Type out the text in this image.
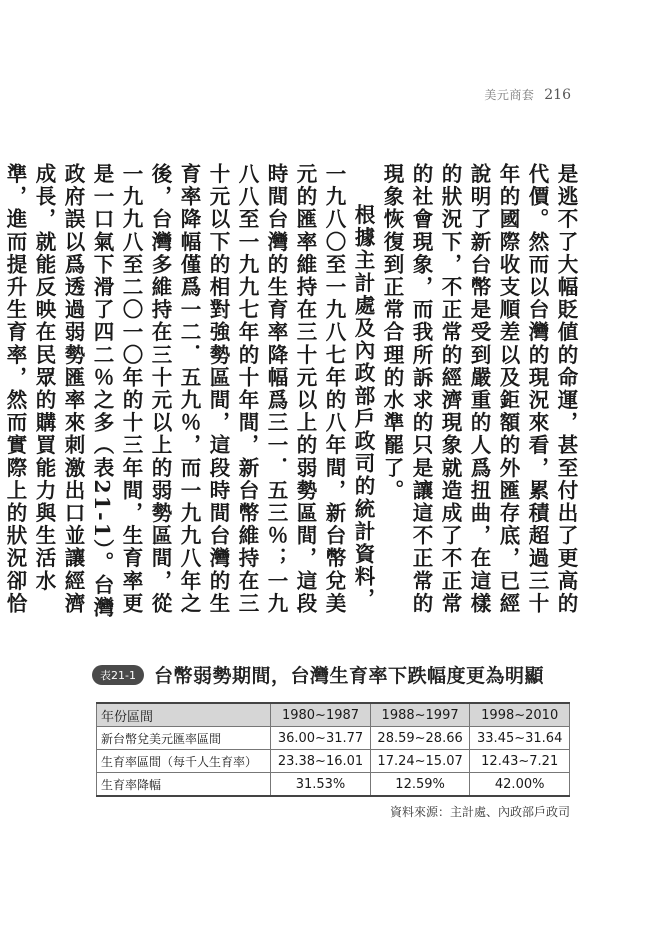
美元商套 216

是逃不了大幅貶値的命運，甚至付出了更高的代價。然而以台灣的現況來看，累積超過三十年的國際收支順差以及鉅額的外匯存底，已經說明了新台幣是受到嚴重的人爲扭曲，在這樣的狀況下，不正常的經濟現象就造成了不正常的社會現象，而我所訴求的只是讓這不正常的現象恢復到正常合理的水準罷了。

根據主計處及內政部戶政司的統計資料，一九八〇至一九八七年的八年間，新台幣兌美元的匯率維持在三十元以上的弱勢區間，這段時間台灣的生育率降幅爲三一．五三％；一九八八至一九九七年的十年間，新台幣維持在三十元以下的相對強勢區間，這段時間台灣的生育率降幅僅爲一二．五九％，而一九九八年之後，台灣多維持在三十元以上的弱勢區間，從一九九八至二〇一〇年的十三年間，生育率更是一口氣下滑了四二％之多（表21-1）。台灣政府誤以爲透過弱勢匯率來刺激出口並讓經濟成長，就能反映在民眾的購買能力與生活水準，進而提升生育率，然而實際上的狀況卻恰

表21-1 台幣弱勢期間，台灣生育率下跌幅度更為明顯
年份區間	1980~1987	1988~1997	1998~2010
新台幣兌美元匯率區間	36.00~31.77	28.59~28.66	33.45~31.64
生育率區間（每千人生育率）	23.38~16.01	17.24~15.07	12.43~7.21
生育率降幅	31.53%	12.59%	42.00%
資料來源：主計處、內政部戶政司
